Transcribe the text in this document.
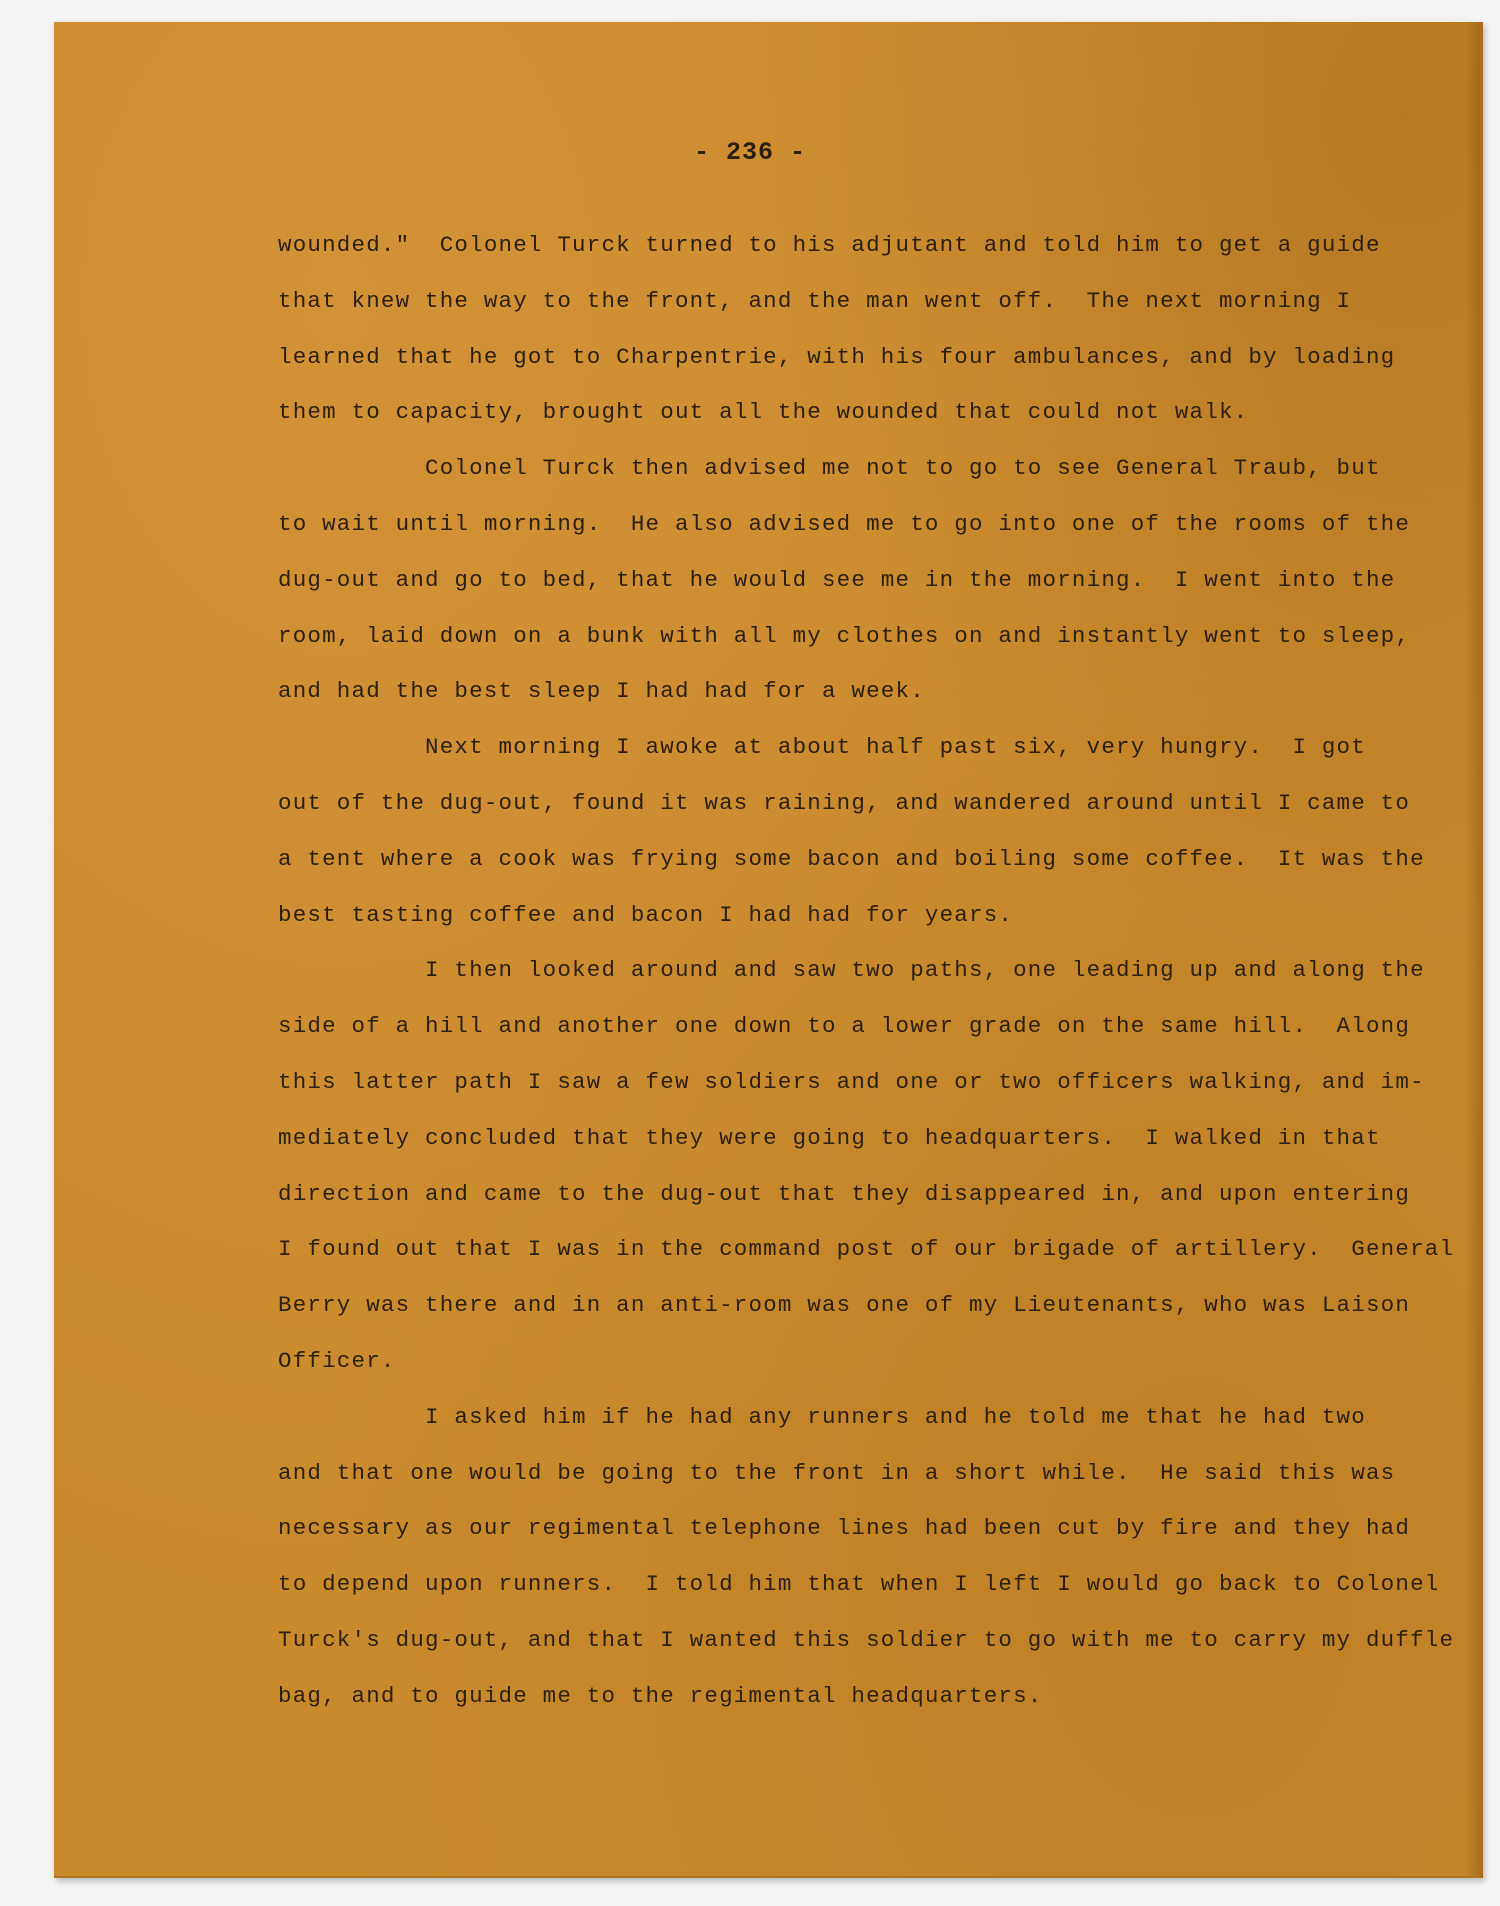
- 236 -
wounded."  Colonel Turck turned to his adjutant and told him to get a guide
that knew the way to the front, and the man went off.  The next morning I
learned that he got to Charpentrie, with his four ambulances, and by loading
them to capacity, brought out all the wounded that could not walk.
Colonel Turck then advised me not to go to see General Traub, but
to wait until morning.  He also advised me to go into one of the rooms of the
dug-out and go to bed, that he would see me in the morning.  I went into the
room, laid down on a bunk with all my clothes on and instantly went to sleep,
and had the best sleep I had had for a week.
Next morning I awoke at about half past six, very hungry.  I got
out of the dug-out, found it was raining, and wandered around until I came to
a tent where a cook was frying some bacon and boiling some coffee.  It was the
best tasting coffee and bacon I had had for years.
I then looked around and saw two paths, one leading up and along the
side of a hill and another one down to a lower grade on the same hill.  Along
this latter path I saw a few soldiers and one or two officers walking, and im-
mediately concluded that they were going to headquarters.  I walked in that
direction and came to the dug-out that they disappeared in, and upon entering
I found out that I was in the command post of our brigade of artillery.  General
Berry was there and in an anti-room was one of my Lieutenants, who was Laison
Officer.
I asked him if he had any runners and he told me that he had two
and that one would be going to the front in a short while.  He said this was
necessary as our regimental telephone lines had been cut by fire and they had
to depend upon runners.  I told him that when I left I would go back to Colonel
Turck's dug-out, and that I wanted this soldier to go with me to carry my duffle
bag, and to guide me to the regimental headquarters.
